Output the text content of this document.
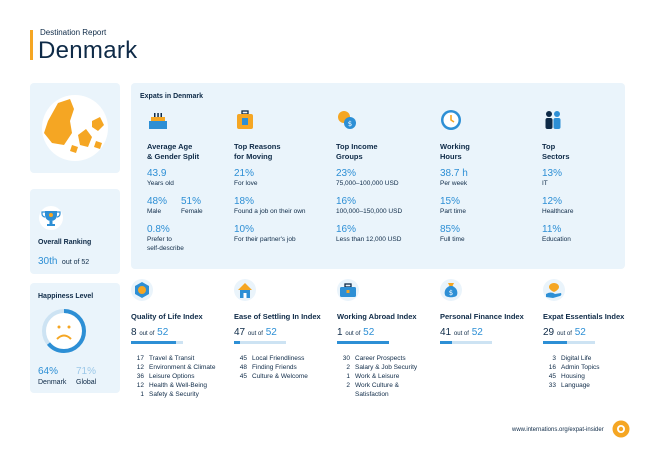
Destination Report
Denmark
Overall Ranking
30th out of 52
Happiness Level
64%
Denmark
71%
Global
Expats in Denmark
Average Age
& Gender Split
43.9
Years old
48%
Male
51%
Female
0.8%
Prefer to
self-describe
Top Reasons
for Moving
21%
For love
18%
Found a job on their own
10%
For their partner's job
$
Top Income
Groups
23%
75,000–100,000 USD
16%
100,000–150,000 USD
16%
Less than 12,000 USD
Working
Hours
38.7 h
Per week
15%
Part time
85%
Full time
Top
Sectors
13%
IT
12%
Healthcare
11%
Education
Quality of Life Index
8 out of 52
17 Travel & Transit
12 Environment & Climate
36 Leisure Options
12 Health & Well-Being
1 Safety & Security
Ease of Settling In Index
47 out of 52
45 Local Friendliness
48 Finding Friends
45 Culture & Welcome
Working Abroad Index
1 out of 52
30 Career Prospects
2 Salary & Job Security
1 Work & Leisure
2 Work Culture &
Satisfaction
$
Personal Finance Index
41 out of 52
Expat Essentials Index
29 out of 52
3 Digital Life
16 Admin Topics
45 Housing
33 Language
www.internations.org/expat-insider
